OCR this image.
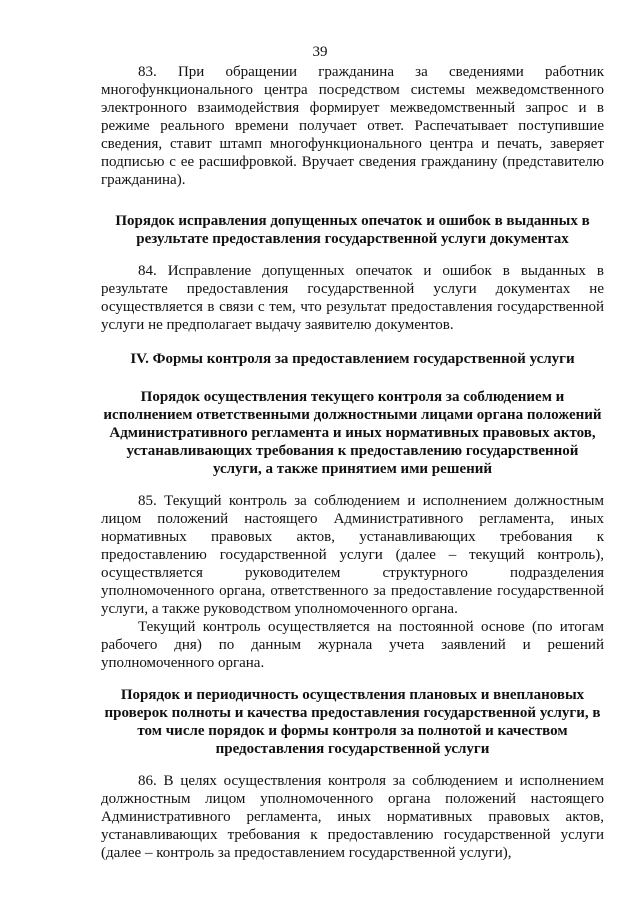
39

83. При обращении гражданина за сведениями работник многофункционального центра посредством системы межведомственного электронного взаимодействия формирует межведомственный запрос и в режиме реального времени получает ответ. Распечатывает поступившие сведения, ставит штамп многофункционального центра и печать, заверяет подписью с ее расшифровкой. Вручает сведения гражданину (представителю гражданина).

Порядок исправления допущенных опечаток и ошибок в выданных в результате предоставления государственной услуги документах

84. Исправление допущенных опечаток и ошибок в выданных в результате предоставления государственной услуги документах не осуществляется в связи с тем, что результат предоставления государственной услуги не предполагает выдачу заявителю документов.

IV. Формы контроля за предоставлением государственной услуги
Порядок осуществления текущего контроля за соблюдением и исполнением ответственными должностными лицами органа положений Административного регламента и иных нормативных правовых актов, устанавливающих требования к предоставлению государственной услуги, а также принятием ими решений

85. Текущий контроль за соблюдением и исполнением должностным лицом положений настоящего Административного регламента, иных нормативных правовых актов, устанавливающих требования к предоставлению государственной услуги (далее – текущий контроль), осуществляется руководителем структурного подразделения уполномоченного органа, ответственного за предоставление государственной услуги, а также руководством уполномоченного органа.

Текущий контроль осуществляется на постоянной основе (по итогам рабочего дня) по данным журнала учета заявлений и решений уполномоченного органа.

Порядок и периодичность осуществления плановых и внеплановых проверок полноты и качества предоставления государственной услуги, в том числе порядок и формы контроля за полнотой и качеством предоставления государственной услуги

86. В целях осуществления контроля за соблюдением и исполнением должностным лицом уполномоченного органа положений настоящего Административного регламента, иных нормативных правовых актов, устанавливающих требования к предоставлению государственной услуги (далее – контроль за предоставлением государственной услуги),
